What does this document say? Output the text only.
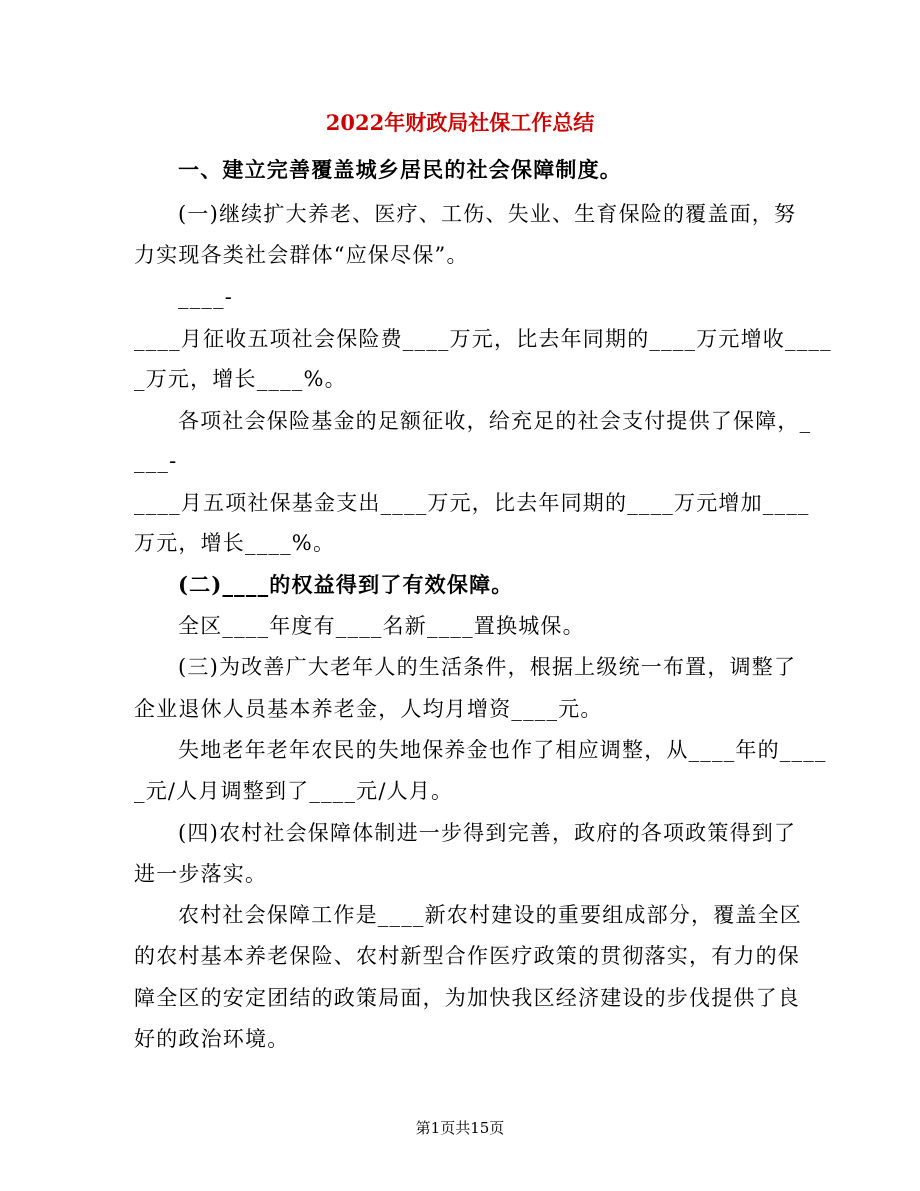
2022年财政局社保工作总结
一、建立完善覆盖城乡居民的社会保障制度。
(一)继续扩大养老、医疗、工伤、失业、生育保险的覆盖面，努
力实现各类社会群体“应保尽保”。
____-
____月征收五项社会保险费____万元，比去年同期的____万元增收____
_万元，增长____%。
各项社会保险基金的足额征收，给充足的社会支付提供了保障，_
___-
____月五项社保基金支出____万元，比去年同期的____万元增加____
万元，增长____%。
(二)____的权益得到了有效保障。
全区____年度有____名新____置换城保。
(三)为改善广大老年人的生活条件，根据上级统一布置，调整了
企业退休人员基本养老金，人均月增资____元。
失地老年老年农民的失地保养金也作了相应调整，从____年的____
_元/人月调整到了____元/人月。
(四)农村社会保障体制进一步得到完善，政府的各项政策得到了
进一步落实。
农村社会保障工作是____新农村建设的重要组成部分，覆盖全区
的农村基本养老保险、农村新型合作医疗政策的贯彻落实，有力的保
障全区的安定团结的政策局面，为加快我区经济建设的步伐提供了良
好的政治环境。
第1页共15页
